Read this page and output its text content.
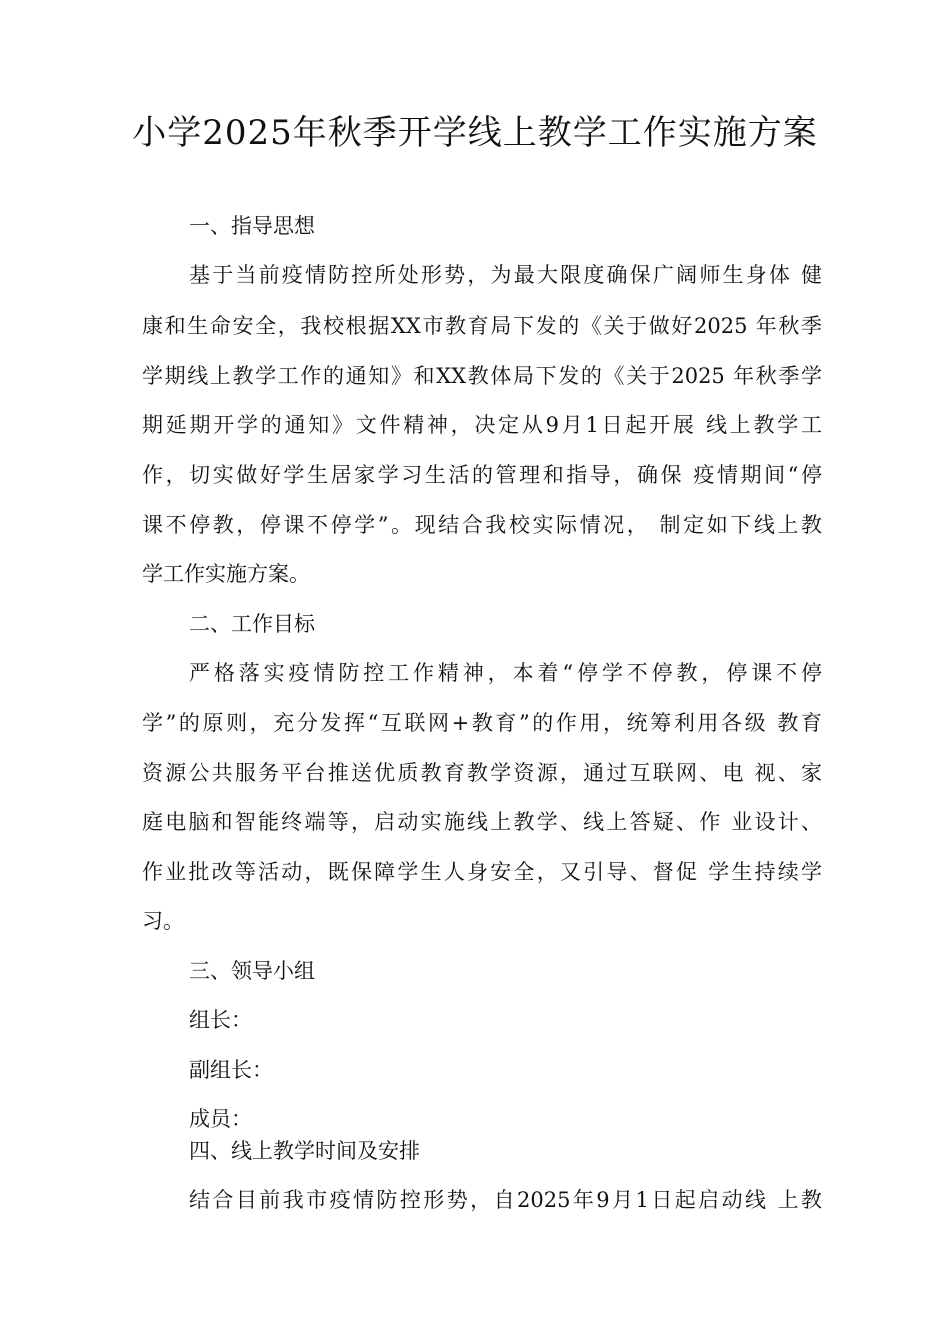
小学2025年秋季开学线上教学工作实施方案

一、指导思想

基于当前疫情防控所处形势，为最大限度确保广阔师生身体 健

康和生命安全，我校根据XX市教育局下发的《关于做好2025 年秋季

学期线上教学工作的通知》和XX教体局下发的《关于2025 年秋季学

期延期开学的通知》文件精神，决定从9月1日起开展 线上教学工

作，切实做好学生居家学习生活的管理和指导，确保 疫情期间“停

课不停教，停课不停学”。现结合我校实际情况， 制定如下线上教

学工作实施方案。

二、工作目标

严格落实疫情防控工作精神，本着“停学不停教，停课不停

学”的原则，充分发挥“互联网+教育”的作用，统筹利用各级 教育

资源公共服务平台推送优质教育教学资源，通过互联网、电 视、家

庭电脑和智能终端等，启动实施线上教学、线上答疑、作 业设计、

作业批改等活动，既保障学生人身安全，又引导、督促 学生持续学

习。

三、领导小组

组长：

副组长：

成员：

四、线上教学时间及安排

结合目前我市疫情防控形势，自2025年9月1日起启动线 上教
